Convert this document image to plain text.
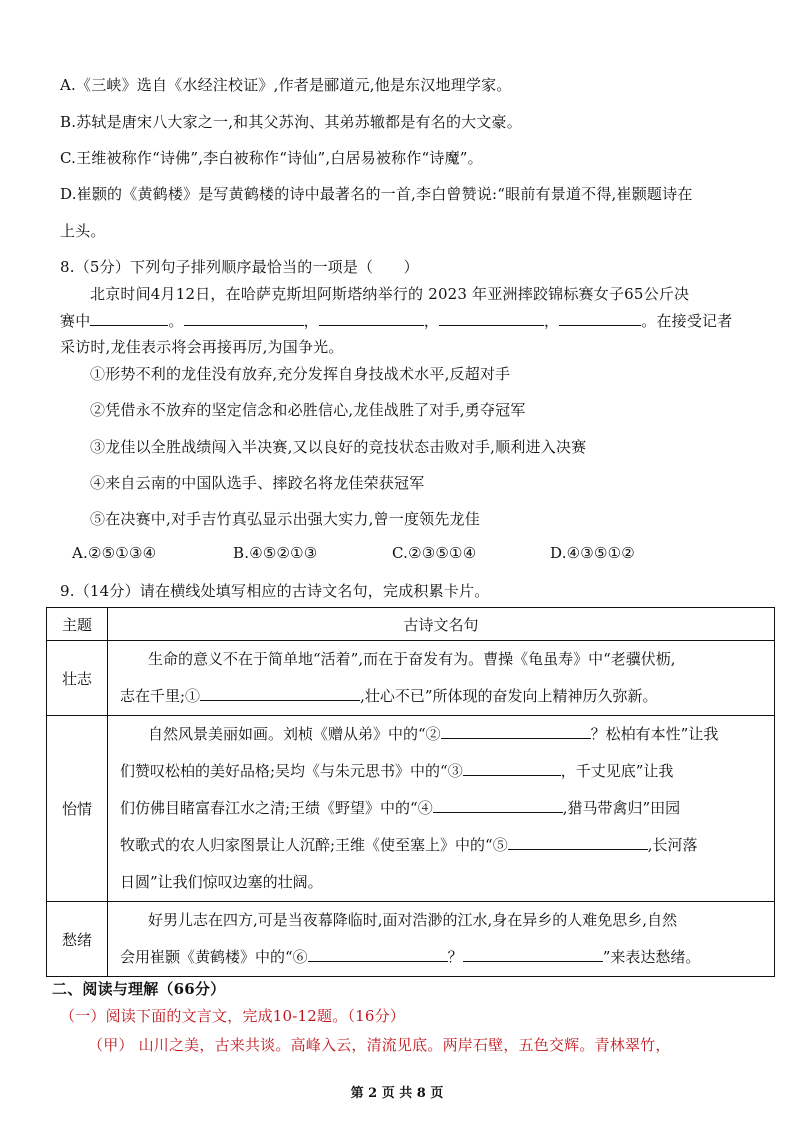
A.《三峡》选自《水经注校证》,作者是郦道元,他是东汉地理学家。
B.苏轼是唐宋八大家之一,和其父苏洵、其弟苏辙都是有名的大文豪。
C.王维被称作“诗佛”,李白被称作“诗仙”,白居易被称作“诗魔”。
D.崔颢的《黄鹤楼》是写黄鹤楼的诗中最著名的一首,李白曾赞说:“眼前有景道不得,崔颢题诗在
上头。
8.（5分）下列句子排列顺序最恰当的一项是（　　）
北京时间4月12日，在哈萨克斯坦阿斯塔纳举行的 2023 年亚洲摔跤锦标赛女子65公斤决
赛中	。	，	，	，	。在接受记者
采访时,龙佳表示将会再接再厉,为国争光。
①形势不利的龙佳没有放弃,充分发挥自身技战术水平,反超对手
②凭借永不放弃的坚定信念和必胜信心,龙佳战胜了对手,勇夺冠军
③龙佳以全胜战绩闯入半决赛,又以良好的竞技状态击败对手,顺利进入决赛
④来自云南的中国队选手、摔跤名将龙佳荣获冠军
⑤在决赛中,对手吉竹真弘显示出强大实力,曾一度领先龙佳
A.②⑤①③④	B.④⑤②①③	C.②③⑤①④	D.④③⑤①②
9.（14分）请在横线处填写相应的古诗文名句，完成积累卡片。
主题	古诗文名句
壮志	生命的意义不在于简单地“活着”,而在于奋发有为。曹操《龟虽寿》中“老骥伏枥,
志在千里;① ,壮心不已”所体现的奋发向上精神历久弥新。

怡情	自然风景美丽如画。刘桢《赠从弟》中的“② ？松柏有本性”让我
们赞叹松柏的美好品格;吴均《与朱元思书》中的“③ ，千丈见底”让我
们仿佛目睹富春江水之清;王绩《野望》中的“④ ,猎马带禽归”田园
牧歌式的农人归家图景让人沉醉;王维《使至塞上》中的“⑤ ,长河落
日圆”让我们惊叹边塞的壮阔。

愁绪	好男儿志在四方,可是当夜幕降临时,面对浩渺的江水,身在异乡的人难免思乡,自然
会用崔颢《黄鹤楼》中的“⑥ ？ ”来表达愁绪。
二、阅读与理解（66分）
（一）阅读下面的文言文，完成10-12题。（16分）
（甲） 山川之美，古来共谈。高峰入云，清流见底。两岸石壁，五色交辉。青林翠竹，
第 2 页 共 8 页
